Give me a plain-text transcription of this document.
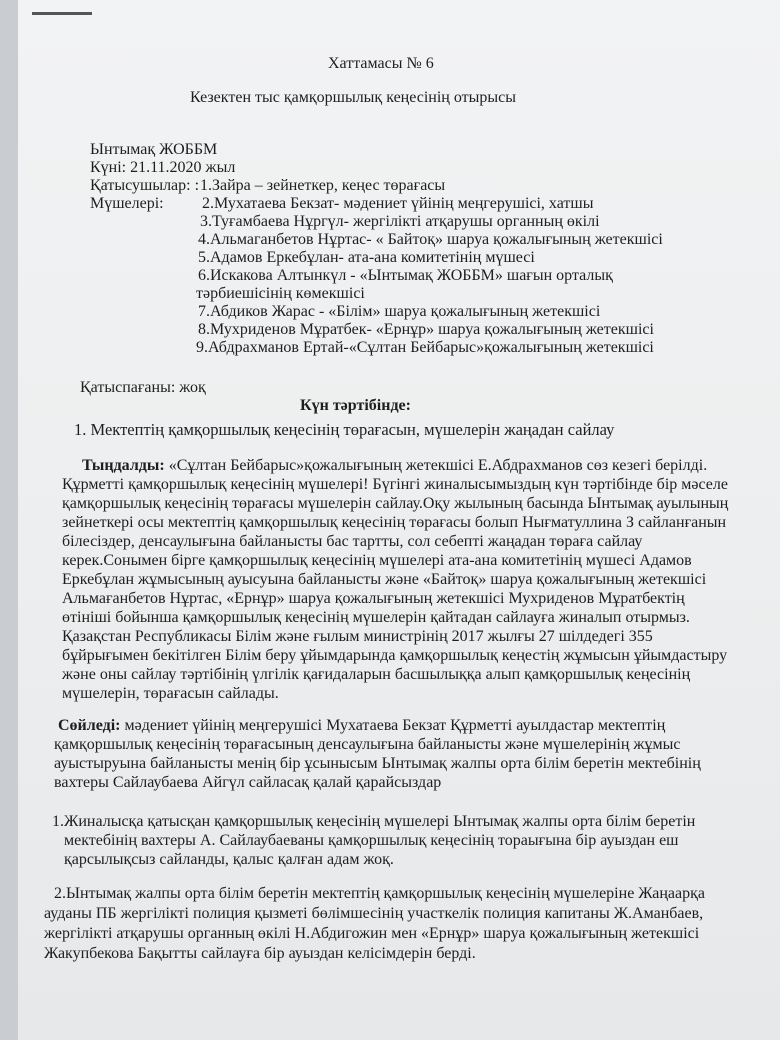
Хаттамасы № 6
Кезектен тыс қамқоршылық кеңесінің отырысы
Ынтымақ ЖОББМ
Күні: 21.11.2020 жыл
Қатысушылар: :
Мүшелері:
1.Зайра – зейнеткер, кеңес төрағасы
2.Мухатаева Бекзат- мәдениет үйінің меңгерушісі, хатшы
3.Туғамбаева Нұргүл- жергілікті атқарушы органның өкілі
4.Альмаганбетов Нұртас- « Байтоқ» шаруа қожалығының жетекшісі
5.Адамов Еркебұлан- ата-ана комитетінің мүшесі
6.Искакова Алтынкүл - «Ынтымақ ЖОББМ» шағын орталық
тәрбиешісінің көмекшісі
7.Абдиков Жарас - «Білім» шаруа қожалығының жетекшісі
8.Мухриденов Мұратбек- «Ернұр» шаруа қожалығының жетекшісі
9.Абдрахманов Ертай-«Сұлтан Бейбарыс»қожалығының жетекшісі
Қатыспағаны: жоқ
Күн тәртібінде:
1. Мектептің қамқоршылық кеңесінің төрағасын, мүшелерін жаңадан сайлау
Тыңдалды: «Сұлтан Бейбарыс»қожалығының жетекшісі Е.Абдрахманов сөз кезегі берілді.
Құрметті қамқоршылық кеңесінің мүшелері! Бүгінгі жиналысымыздың күн тәртібінде бір мәселе
қамқоршылық кеңесінің төрағасы мүшелерін сайлау.Оқу жылының басында Ынтымақ ауылының
зейнеткері осы мектептің қамқоршылық кеңесінің төрағасы болып Нығматуллина З сайланғанын
білесіздер, денсаулығына байланысты бас тартты, сол себепті жаңадан төраға сайлау
керек.Сонымен бірге қамқоршылық кеңесінің мүшелері ата-ана комитетінің мүшесі Адамов
Еркебұлан жұмысының ауысуына байланысты және «Байтоқ» шаруа қожалығының жетекшісі
Альмағанбетов Нұртас, «Ернұр» шаруа қожалығының жетекшісі Мухриденов Мұратбектің
өтініші бойынша қамқоршылық кеңесінің мүшелерін қайтадан сайлауға жиналып отырмыз.
Қазақстан Республикасы Білім және ғылым министрінің 2017 жылғы 27 шілдедегі 355
бұйрығымен бекітілген Білім беру ұйымдарында қамқоршылық кеңестің жұмысын ұйымдастыру
және оны сайлау тәртібінің үлгілік қағидаларын басшылыққа алып қамқоршылық кеңесінің
мүшелерін, төрағасын сайлады.
Сөйледі: мәдениет үйінің меңгерушісі Мухатаева Бекзат Құрметті ауылдастар мектептің
қамқоршылық кеңесінің төрағасының денсаулығына байланысты және мүшелерінің жұмыс
ауыстыруына байланысты менің бір ұсынысым Ынтымақ жалпы орта білім беретін мектебінің
вахтеры Сайлаубаева Айгүл сайласақ қалай қарайсыздар
1.Жиналысқа қатысқан қамқоршылық кеңесінің мүшелері Ынтымақ жалпы орта білім беретін
мектебінің вахтеры А. Сайлаубаеваны қамқоршылық кеңесінің тораығына бір ауыздан еш
қарсылықсыз сайланды, қалыс қалған адам жоқ.
2.Ынтымақ жалпы орта білім беретін мектептің қамқоршылық кеңесінің мүшелеріне Жаңаарқа
ауданы ПБ жергілікті полиция қызметі бөлімшесінің участкелік полиция капитаны Ж.Аманбаев,
жергілікті атқарушы органның өкілі Н.Абдигожин мен «Ернұр» шаруа қожалығының жетекшісі
Жакупбекова Бақытты сайлауға бір ауыздан келісімдерін берді.
